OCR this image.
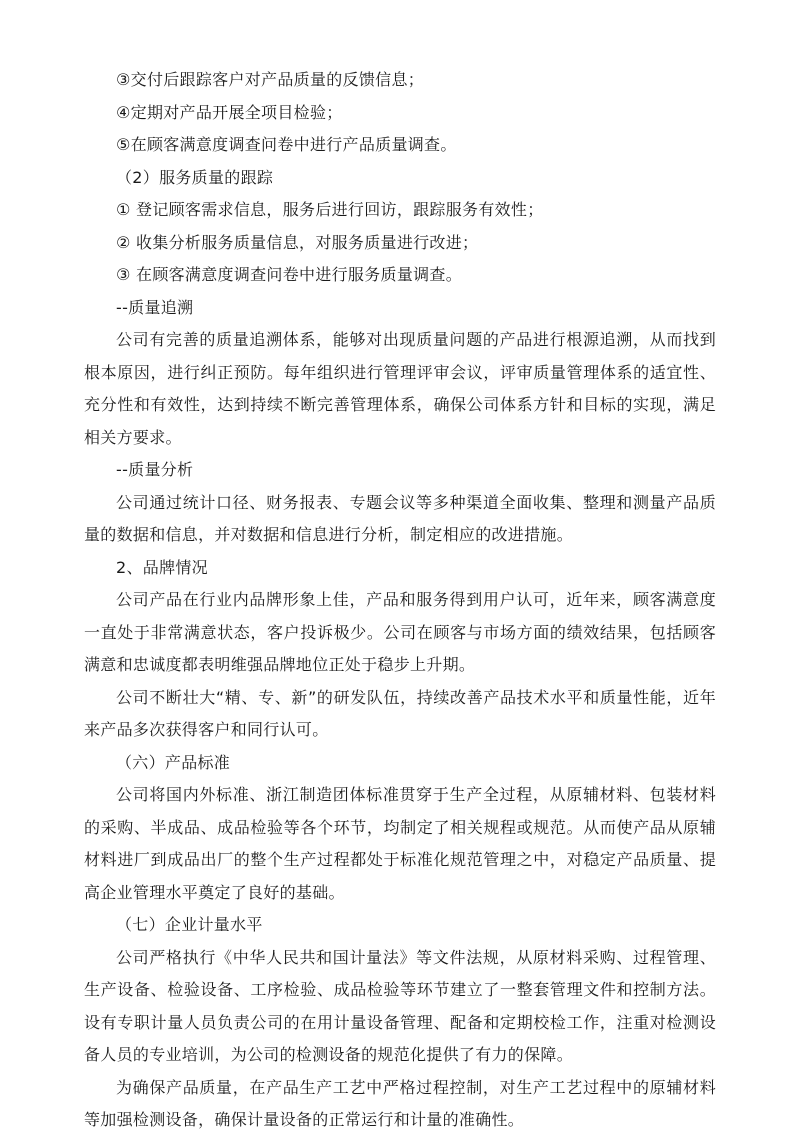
③交付后跟踪客户对产品质量的反馈信息；

④定期对产品开展全项目检验；

⑤在顾客满意度调查问卷中进行产品质量调查。

（2）服务质量的跟踪

① 登记顾客需求信息，服务后进行回访，跟踪服务有效性；

② 收集分析服务质量信息，对服务质量进行改进；

③ 在顾客满意度调查问卷中进行服务质量调查。

--质量追溯

公司有完善的质量追溯体系，能够对出现质量问题的产品进行根源追溯，从而找到根本原因，进行纠正预防。每年组织进行管理评审会议，评审质量管理体系的适宜性、充分性和有效性，达到持续不断完善管理体系，确保公司体系方针和目标的实现，满足相关方要求。

--质量分析

公司通过统计口径、财务报表、专题会议等多种渠道全面收集、整理和测量产品质量的数据和信息，并对数据和信息进行分析，制定相应的改进措施。

2、品牌情况

公司产品在行业内品牌形象上佳，产品和服务得到用户认可，近年来，顾客满意度一直处于非常满意状态，客户投诉极少。公司在顾客与市场方面的绩效结果，包括顾客满意和忠诚度都表明维强品牌地位正处于稳步上升期。

公司不断壮大“精、专、新”的研发队伍，持续改善产品技术水平和质量性能，近年来产品多次获得客户和同行认可。

（六）产品标准

公司将国内外标准、浙江制造团体标准贯穿于生产全过程，从原辅材料、包装材料的采购、半成品、成品检验等各个环节，均制定了相关规程或规范。从而使产品从原辅材料进厂到成品出厂的整个生产过程都处于标准化规范管理之中，对稳定产品质量、提高企业管理水平奠定了良好的基础。

（七）企业计量水平

公司严格执行《中华人民共和国计量法》等文件法规，从原材料采购、过程管理、生产设备、检验设备、工序检验、成品检验等环节建立了一整套管理文件和控制方法。设有专职计量人员负责公司的在用计量设备管理、配备和定期校检工作，注重对检测设备人员的专业培训，为公司的检测设备的规范化提供了有力的保障。

为确保产品质量，在产品生产工艺中严格过程控制，对生产工艺过程中的原辅材料等加强检测设备，确保计量设备的正常运行和计量的准确性。
